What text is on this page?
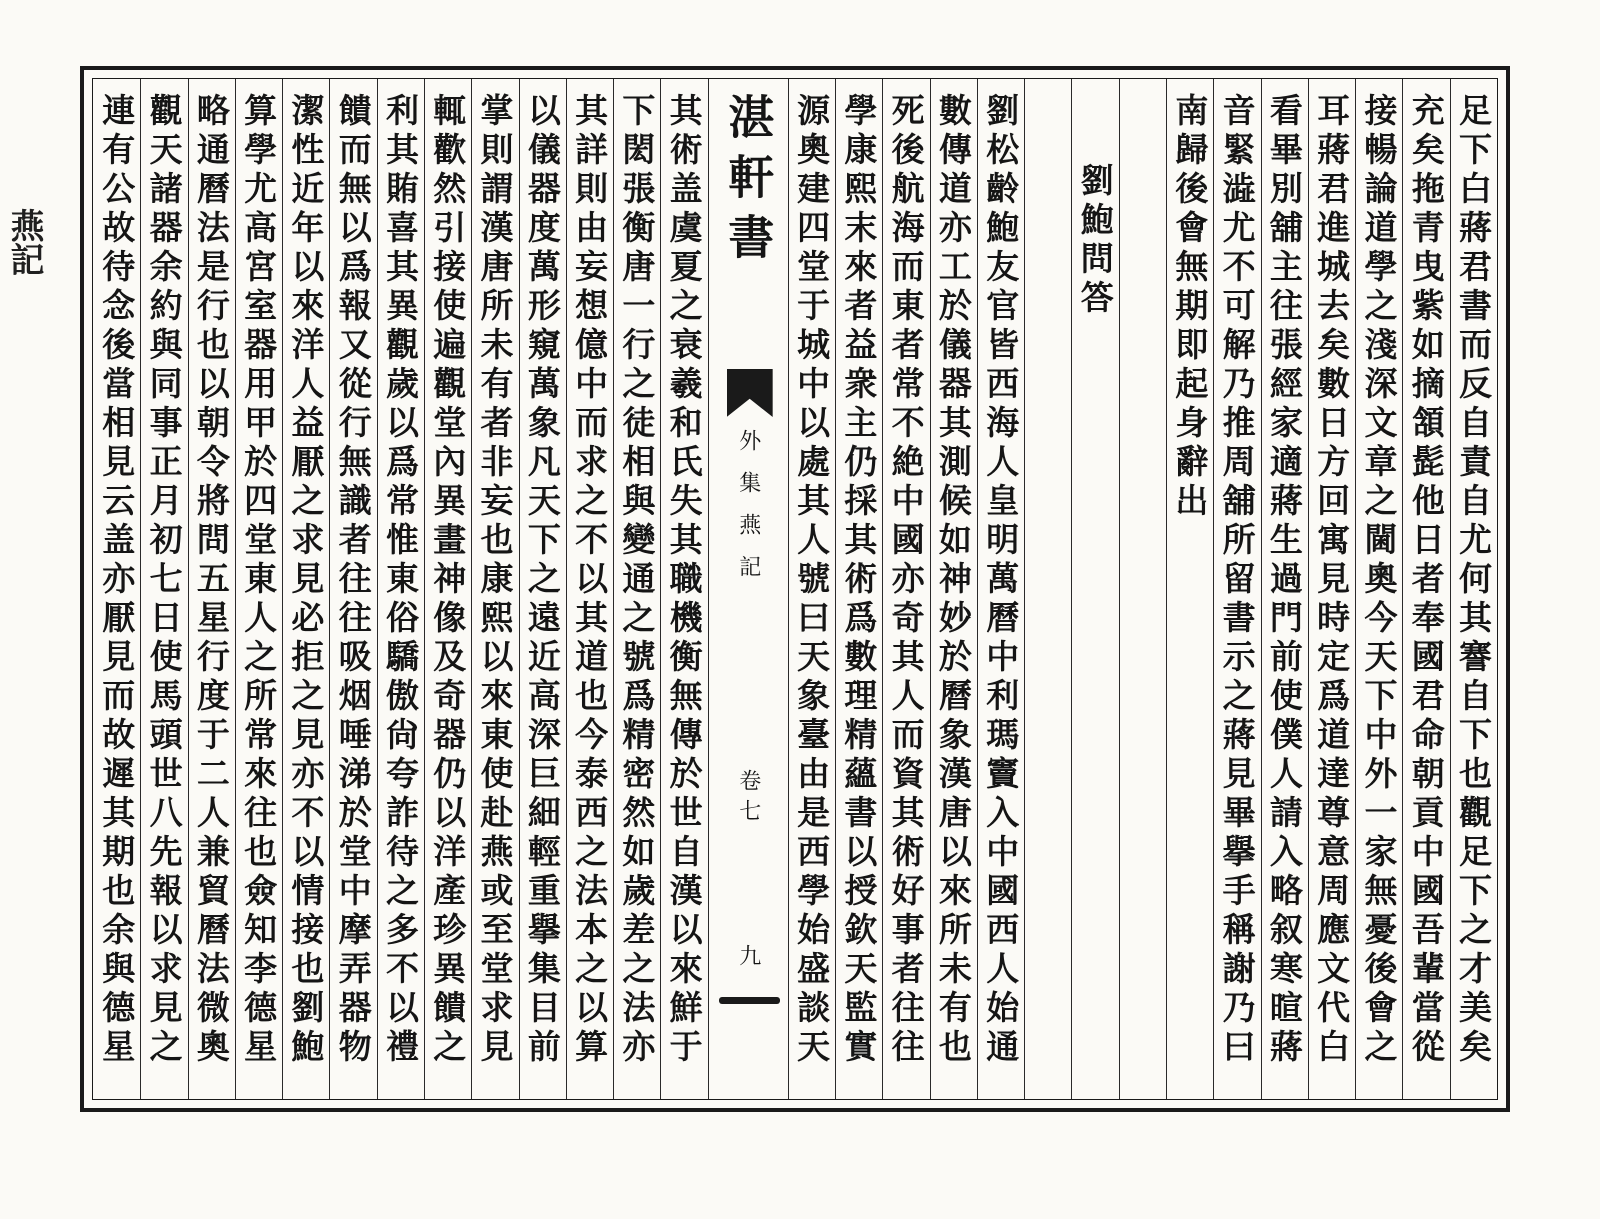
燕記
足下白蔣君書而反自責自尤何其謇自下也觀足下之才美矣
充矣拖青曳紫如摘頷髭他日者奉國君命朝貢中國吾輩當從
接暢論道學之淺深文章之閫奧今天下中外一家無憂後會之
耳蔣君進城去矣數日方回寓見時定爲道達尊意周應文代白
看畢別舖主往張經家適蔣生過門前使僕人請入略叙寒暄蔣
音緊澁尤不可解乃推周舖所留書示之蔣見畢擧手稱謝乃曰
南歸後會無期即起身辭出
劉鮑問答
劉松齡鮑友官皆西海人皇明萬曆中利瑪竇入中國西人始通
數傳道亦工於儀器其測候如神妙於曆象漢唐以來所未有也
死後航海而東者常不絶中國亦奇其人而資其術好事者往往
學康熙末來者益衆主仍採其術爲數理精蘊書以授欽天監實
源奧建四堂于城中以處其人號曰天象臺由是西學始盛談天
湛軒書
外集燕記
卷七
九
其術盖虞夏之衰羲和氏失其職機衡無傳於世自漢以來鮮于
下閎張衡唐一行之徒相與變通之號爲精密然如歲差之法亦
其詳則由妄想億中而求之不以其道也今泰西之法本之以算
以儀器度萬形窺萬象凡天下之遠近高深巨細輕重擧集目前
掌則謂漢唐所未有者非妄也康熙以來東使赴燕或至堂求見
輒歡然引接使遍觀堂內異畫神像及奇器仍以洋產珍異饋之
利其賄喜其異觀歲以爲常惟東俗驕傲尙夸詐待之多不以禮
饋而無以爲報又從行無識者往往吸烟唾涕於堂中摩弄器物
潔性近年以來洋人益厭之求見必拒之見亦不以情接也劉鮑
算學尤高宮室器用甲於四堂東人之所常來往也僉知李德星
略通曆法是行也以朝令將問五星行度于二人兼貿曆法微奧
觀天諸器余約與同事正月初七日使馬頭世八先報以求見之
連有公故待念後當相見云盖亦厭見而故遲其期也余與德星
